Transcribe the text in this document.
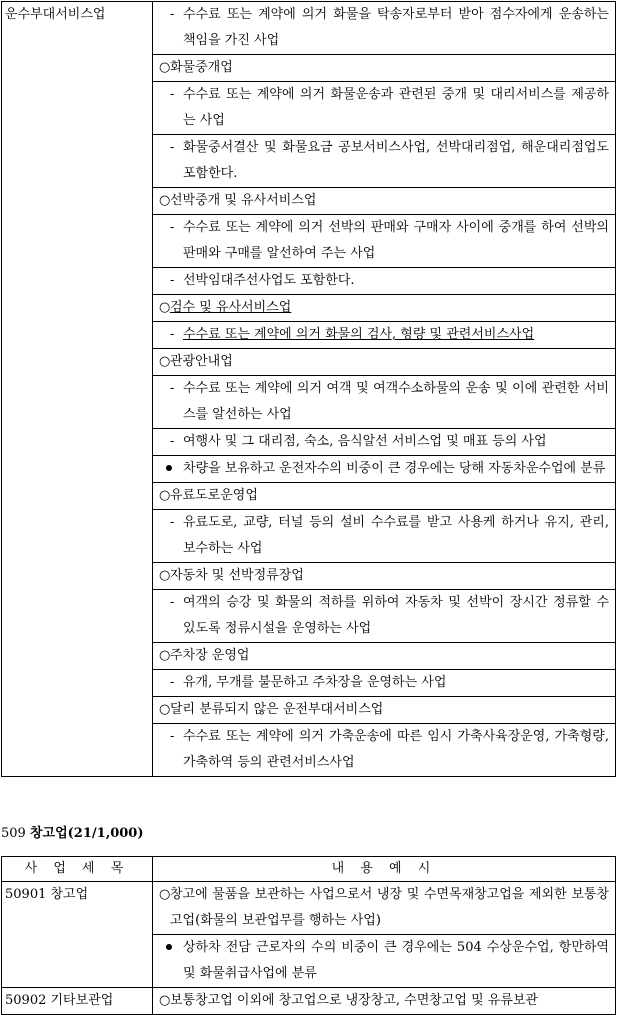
운수부대서비스업	- 수수료 또는 계약에 의거 화물을 탁송자로부터 받아 점수자에게 운송하는 책임을 가진 사업
○ 화물중개업
- 수수료 또는 계약에 의거 화물운송과 관련된 중개 및 대리서비스를 제공하는 사업
- 화물중서결산 및 화물요금 공보서비스사업, 선박대리점업, 해운대리점업도 포함한다.
○ 선박중개 및 유사서비스업
- 수수료 또는 계약에 의거 선박의 판매와 구매자 사이에 중개를 하여 선박의 판매와 구매를 알선하여 주는 사업
- 선박임대주선사업도 포함한다.
○ 검수 및 유사서비스업
- 수수료 또는 계약에 의거 화물의 검사, 형량 및 관련서비스사업
○ 관광안내업
- 수수료 또는 계약에 의거 여객 및 여객수소하물의 운송 및 이에 관련한 서비스를 알선하는 사업
- 여행사 및 그 대리점, 숙소, 음식알선 서비스업 및 매표 등의 사업
차량을 보유하고 운전자수의 비중이 큰 경우에는 당해 자동차운수업에 분류
○ 유료도로운영업
- 유료도로, 교량, 터널 등의 설비 수수료를 받고 사용케 하거나 유지, 관리, 보수하는 사업
○ 자동차 및 선박정류장업
- 여객의 승강 및 화물의 적하를 위하여 자동차 및 선박이 장시간 정류할 수 있도록 정류시설을 운영하는 사업
○ 주차장 운영업
- 유개, 무개를 불문하고 주차장을 운영하는 사업
○ 달리 분류되지 않은 운전부대서비스업
- 수수료 또는 계약에 의거 가축운송에 따른 임시 가축사육장운영, 가축형량, 가축하역 등의 관련서비스사업
509 창고업(21/1,000)
사 업 세 목	내 용 예 시
50901 창고업	○ 창고에 물품을 보관하는 사업으로서 냉장 및 수면목재창고업을 제외한 보통창고업(화물의 보관업무를 행하는 사업)
상하차 전담 근로자의 수의 비중이 큰 경우에는 504 수상운수업, 항만하역 및 화물취급사업에 분류

50902 기타보관업	○ 보통창고업 이외에 창고업으로 냉장창고, 수면창고업 및 유류보관
